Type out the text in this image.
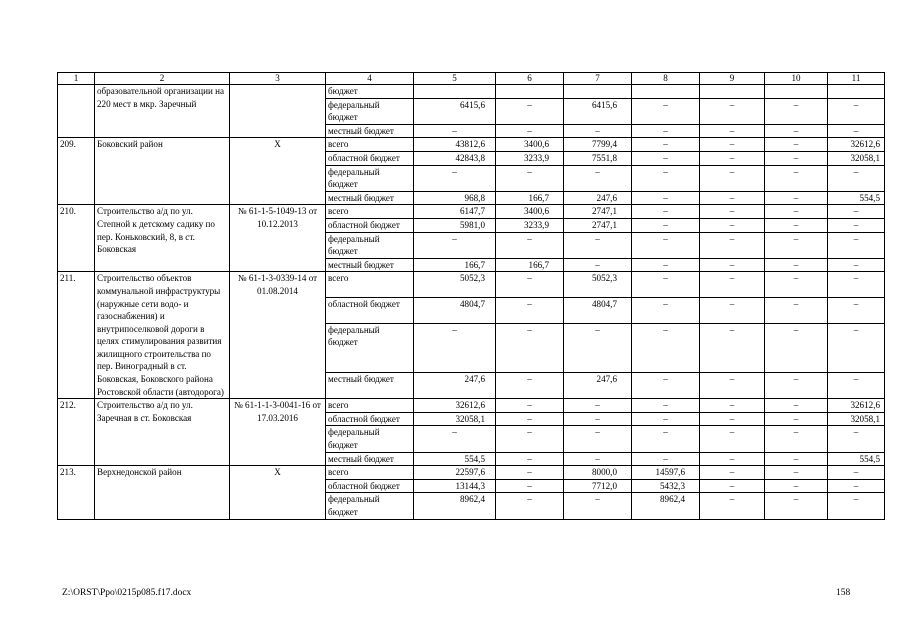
1	2	3	4	5	6	7	8	9	10	11
	образовательной организации на 220 мест в мкр. Заречный		бюджет							
			федеральный бюджет	6415,6	–	6415,6	–	–	–	–
			местный бюджет	–	–	–	–	–	–	–
209.	Боковский район	Х	всего	43812,6	3400,6	7799,4	–	–	–	32612,6
			областной бюджет	42843,8	3233,9	7551,8	–	–	–	32058,1
			федеральный бюджет	–	–	–	–	–	–	–
			местный бюджет	968,8	166,7	247,6	–	–	–	554,5
210.	Строительство а/д по ул. Степной к детскому садику по пер. Коньковский, 8, в ст. Боковская	№ 61-1-5-1049-13 от 10.12.2013	всего	6147,7	3400,6	2747,1	–	–	–	–
			областной бюджет	5981,0	3233,9	2747,1	–	–	–	–
			федеральный бюджет	–	–	–	–	–	–	–
			местный бюджет	166,7	166,7	–	–	–	–	–
211.	Строительство объектов коммунальной инфраструктуры (наружные сети водо- и газоснабжения) и внутрипоселковой дороги в целях стимулирования развития жилищного строительства по пер. Виноградный в ст. Боковская, Боковского района Ростовской области (автодорога)	№ 61-1-3-0339-14 от 01.08.2014	всего	5052,3	–	5052,3	–	–	–	–
			областной бюджет	4804,7	–	4804,7	–	–	–	–
			федеральный бюджет	–	–	–	–	–	–	–
			местный бюджет	247,6	–	247,6	–	–	–	–
212.	Строительство а/д по ул. Заречная в ст. Боковская	№ 61-1-1-3-0041-16 от 17.03.2016	всего	32612,6	–	–	–	–	–	32612,6
			областной бюджет	32058,1	–	–	–	–	–	32058,1
			федеральный бюджет	–	–	–	–	–	–	–
			местный бюджет	554,5	–	–	–	–	–	554,5
213.	Верхнедонской район	Х	всего	22597,6	–	8000,0	14597,6	–	–	–
			областной бюджет	13144,3	–	7712,0	5432,3	–	–	–
			федеральный бюджет	8962,4	–	–	8962,4	–	–	–
Z:\ORST\Ppo\0215p085.f17.docx	158
